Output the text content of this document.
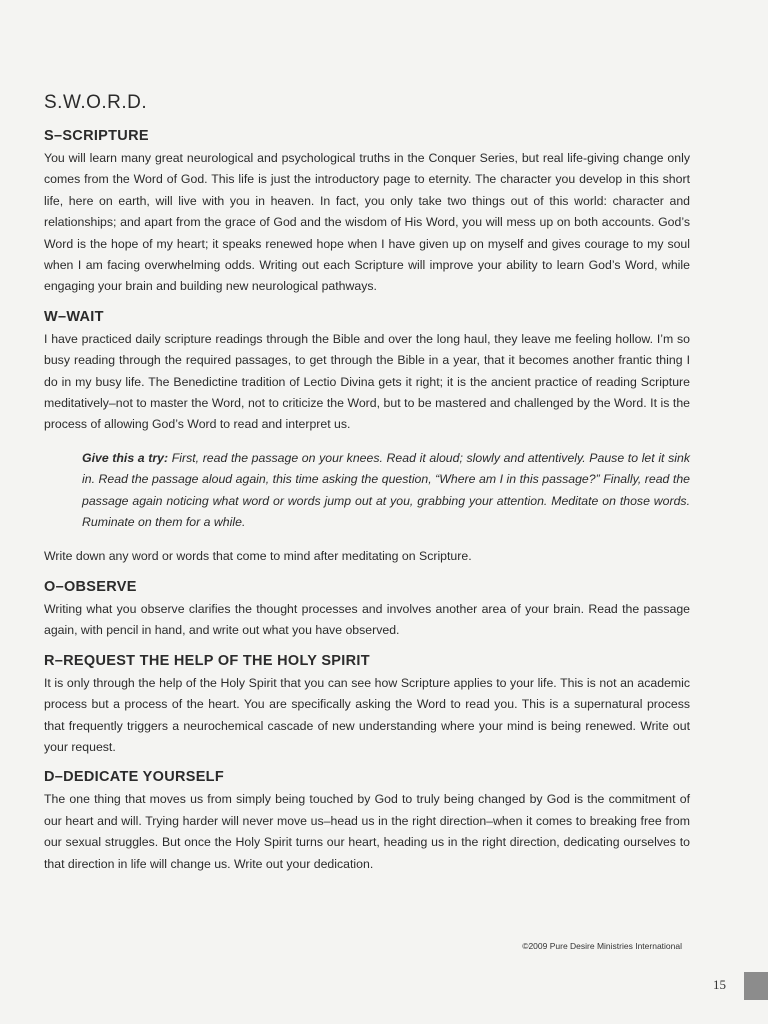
S.W.O.R.D.
S–SCRIPTURE

You will learn many great neurological and psychological truths in the Conquer Series, but real life-giving change only comes from the Word of God. This life is just the introductory page to eternity. The character you develop in this short life, here on earth, will live with you in heaven. In fact, you only take two things out of this world: character and relationships; and apart from the grace of God and the wisdom of His Word, you will mess up on both accounts. God’s Word is the hope of my heart; it speaks renewed hope when I have given up on myself and gives courage to my soul when I am facing overwhelming odds. Writing out each Scripture will improve your ability to learn God’s Word, while engaging your brain and building new neurological pathways.

W–WAIT

I have practiced daily scripture readings through the Bible and over the long haul, they leave me feeling hollow. I’m so busy reading through the required passages, to get through the Bible in a year, that it becomes another frantic thing I do in my busy life. The Benedictine tradition of Lectio Divina gets it right; it is the ancient practice of reading Scripture meditatively–not to master the Word, not to criticize the Word, but to be mastered and challenged by the Word. It is the process of allowing God’s Word to read and interpret us.

Give this a try: First, read the passage on your knees. Read it aloud; slowly and attentively. Pause to let it sink in. Read the passage aloud again, this time asking the question, “Where am I in this passage?” Finally, read the passage again noticing what word or words jump out at you, grabbing your attention. Meditate on those words. Ruminate on them for a while.

Write down any word or words that come to mind after meditating on Scripture.

O–OBSERVE

Writing what you observe clarifies the thought processes and involves another area of your brain. Read the passage again, with pencil in hand, and write out what you have observed.

R–REQUEST THE HELP OF THE HOLY SPIRIT

It is only through the help of the Holy Spirit that you can see how Scripture applies to your life. This is not an academic process but a process of the heart. You are specifically asking the Word to read you. This is a supernatural process that frequently triggers a neurochemical cascade of new understanding where your mind is being renewed. Write out your request.

D–DEDICATE YOURSELF

The one thing that moves us from simply being touched by God to truly being changed by God is the commitment of our heart and will. Trying harder will never move us–head us in the right direction–when it comes to breaking free from our sexual struggles. But once the Holy Spirit turns our heart, heading us in the right direction, dedicating ourselves to that direction in life will change us. Write out your dedication.

©2009 Pure Desire Ministries International
15
